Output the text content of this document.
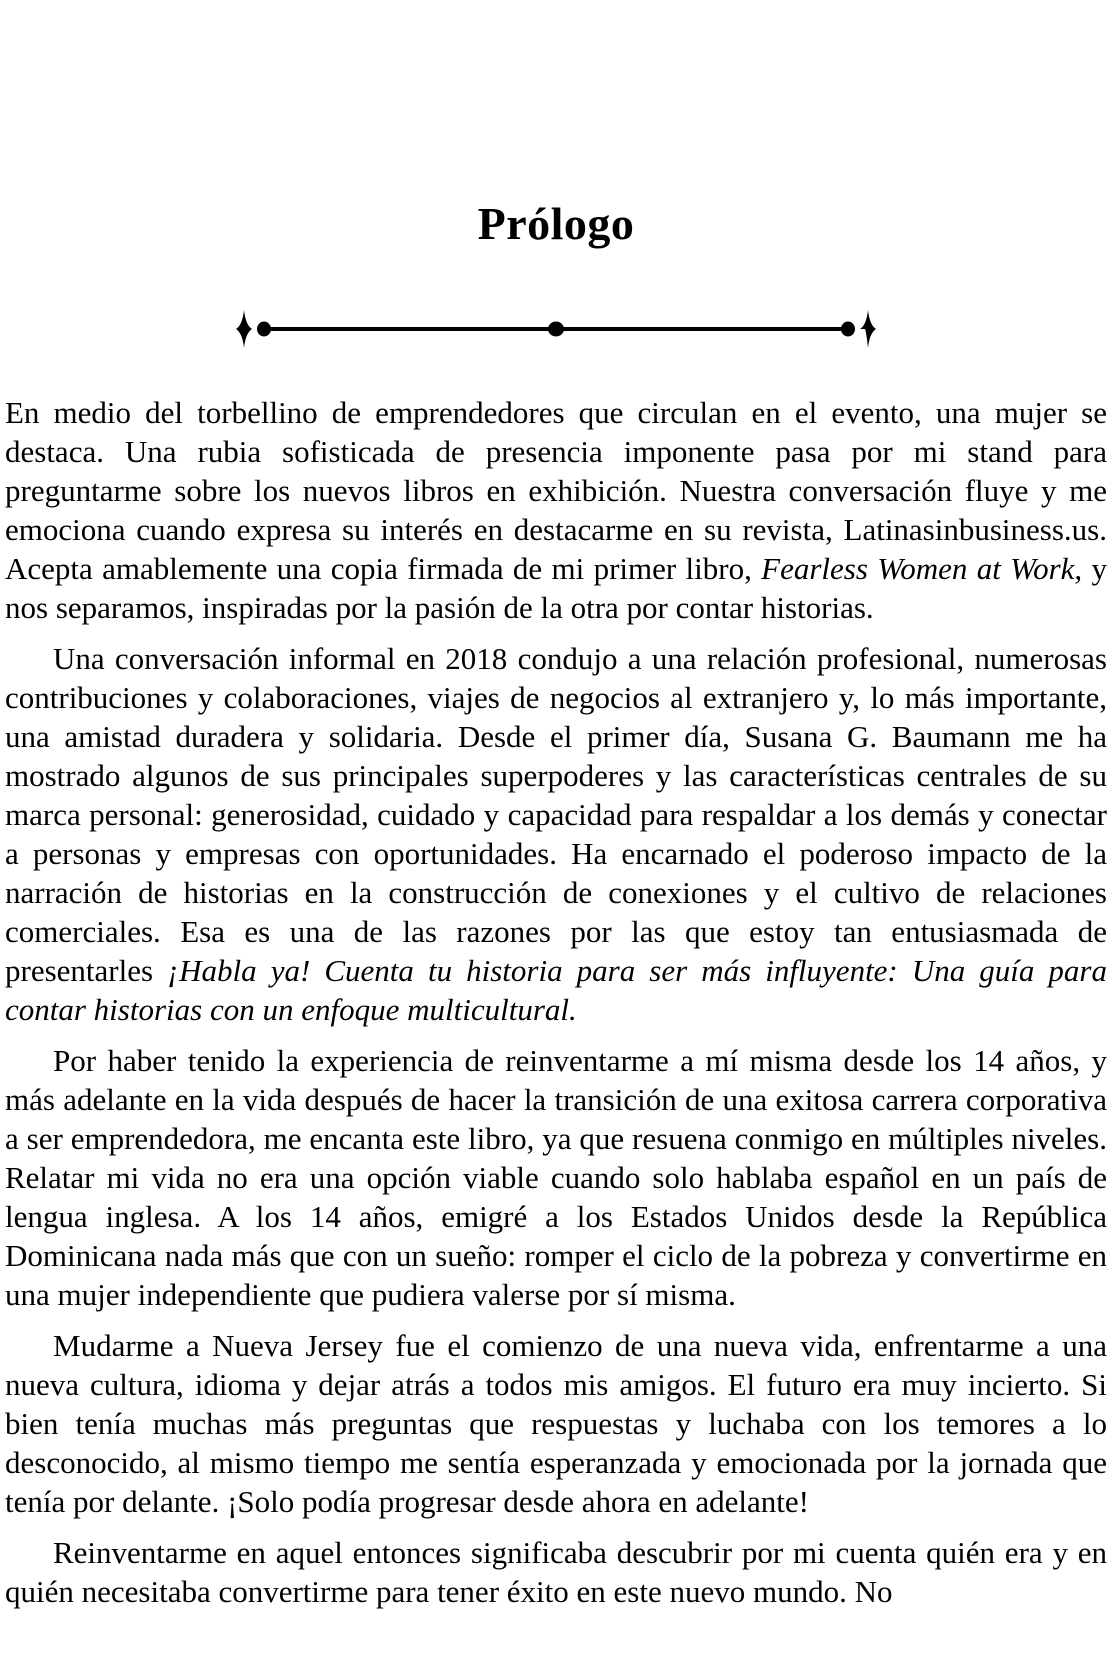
Prólogo

En medio del torbellino de emprendedores que circulan en el evento, una mujer se destaca. Una rubia sofisticada de presencia imponente pasa por mi stand para preguntarme sobre los nuevos libros en exhibición. Nuestra conversación fluye y me emociona cuando expresa su interés en destacarme en su revista, Latinasinbusiness.us. Acepta amablemente una copia firmada de mi primer libro, Fearless Women at Work, y nos separamos, inspiradas por la pasión de la otra por contar historias.

Una conversación informal en 2018 condujo a una relación profesional, numerosas contribuciones y colaboraciones, viajes de negocios al extranjero y, lo más importante, una amistad duradera y solidaria. Desde el primer día, Susana G. Baumann me ha mostrado algunos de sus principales superpoderes y las características centrales de su marca personal: generosidad, cuidado y capacidad para respaldar a los demás y conectar a personas y empresas con oportunidades. Ha encarnado el poderoso impacto de la narración de historias en la construcción de conexiones y el cultivo de relaciones comerciales. Esa es una de las razones por las que estoy tan entusiasmada de presentarles ¡Habla ya! Cuenta tu historia para ser más influyente: Una guía para contar historias con un enfoque multicultural.

Por haber tenido la experiencia de reinventarme a mí misma desde los 14 años, y más adelante en la vida después de hacer la transición de una exitosa carrera corporativa a ser emprendedora, me encanta este libro, ya que resuena conmigo en múltiples niveles. Relatar mi vida no era una opción viable cuando solo hablaba español en un país de lengua inglesa. A los 14 años, emigré a los Estados Unidos desde la República Dominicana nada más que con un sueño: romper el ciclo de la pobreza y convertirme en una mujer independiente que pudiera valerse por sí misma.

Mudarme a Nueva Jersey fue el comienzo de una nueva vida, enfrentarme a una nueva cultura, idioma y dejar atrás a todos mis amigos. El futuro era muy incierto. Si bien tenía muchas más preguntas que respuestas y luchaba con los temores a lo desconocido, al mismo tiempo me sentía esperanzada y emocionada por la jornada que tenía por delante. ¡Solo podía progresar desde ahora en adelante!

Reinventarme en aquel entonces significaba descubrir por mi cuenta quién era y en quién necesitaba convertirme para tener éxito en este nuevo mundo. No
